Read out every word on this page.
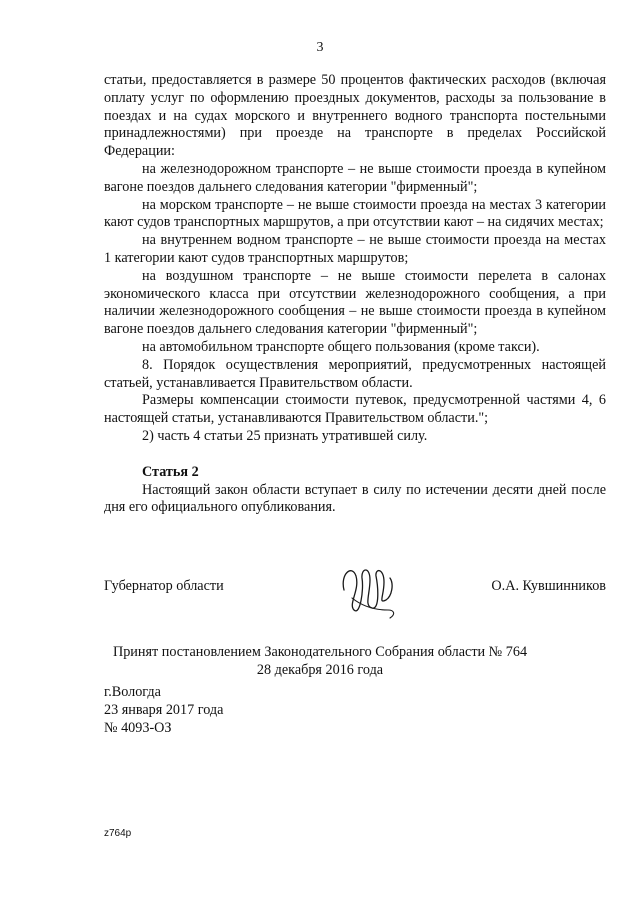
3

статьи, предоставляется в размере 50 процентов фактических расходов (включая оплату услуг по оформлению проездных документов, расходы за пользование в поездах и на судах морского и внутреннего водного транспорта постельными принадлежностями) при проезде на транспорте в пределах Российской Федерации:

на железнодорожном транспорте – не выше стоимости проезда в купейном вагоне поездов дальнего следования категории "фирменный";

на морском транспорте – не выше стоимости проезда на местах 3 категории кают судов транспортных маршрутов, а при отсутствии кают – на сидячих местах;

на внутреннем водном транспорте – не выше стоимости проезда на местах 1 категории кают судов транспортных маршрутов;

на воздушном транспорте – не выше стоимости перелета в салонах экономического класса при отсутствии железнодорожного сообщения, а при наличии железнодорожного сообщения – не выше стоимости проезда в купейном вагоне поездов дальнего следования категории "фирменный";

на автомобильном транспорте общего пользования (кроме такси).

8. Порядок осуществления мероприятий, предусмотренных настоящей статьей, устанавливается Правительством области.

Размеры компенсации стоимости путевок, предусмотренной частями 4, 6 настоящей статьи, устанавливаются Правительством области.";

2) часть 4 статьи 25 признать утратившей силу.

Статья 2

Настоящий закон области вступает в силу по истечении десяти дней после дня его официального опубликования.

Губернатор области	О.А. Кувшинников
Принят постановлением Законодательного Собрания области № 764
28 декабря 2016 года
г.Вологда
23 января 2017 года
№ 4093-ОЗ
z764p
